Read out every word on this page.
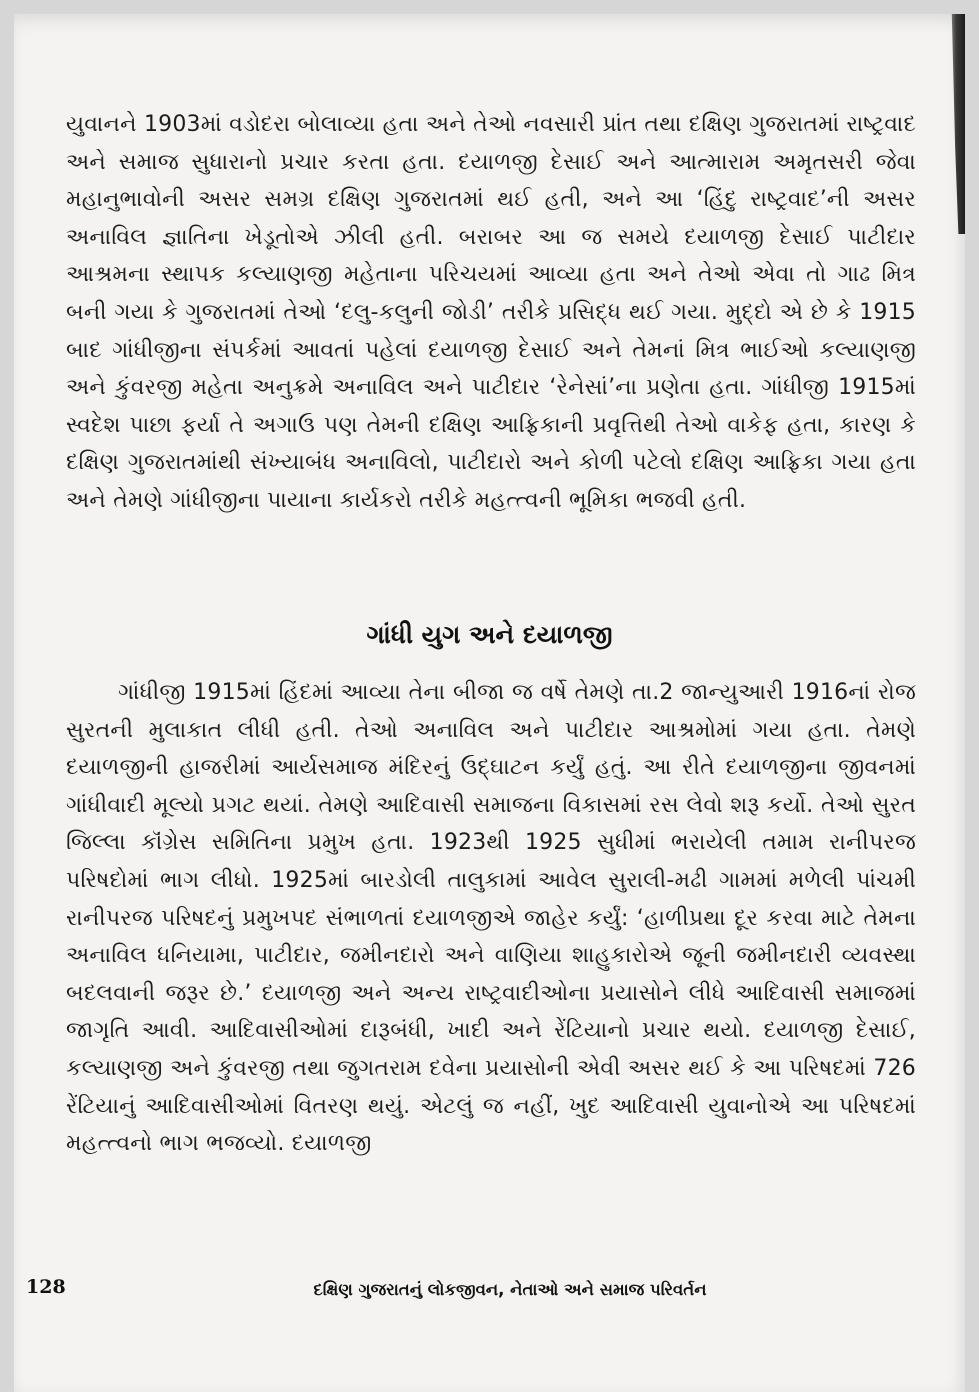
યુવાનને 1903માં વડોદરા બોલાવ્યા હતા અને તેઓ નવસારી પ્રાંત તથા દક્ષિણ ગુજરાતમાં રાષ્ટ્રવાદ અને સમાજ સુધારાનો પ્રચાર કરતા હતા. દયાળજી દેસાઈ અને આત્મારામ અમૃતસરી જેવા મહાનુભાવોની અસર સમગ્ર દક્ષિણ ગુજરાતમાં થઈ હતી, અને આ ‘હિંદુ રાષ્ટ્રવાદ’ની અસર અનાવિલ જ્ઞાતિના ખેડૂતોએ ઝીલી હતી. બરાબર આ જ સમયે દયાળજી દેસાઈ પાટીદાર આશ્રમના સ્થાપક કલ્યાણજી મહેતાના પરિચયમાં આવ્યા હતા અને તેઓ એવા તો ગાઢ મિત્ર બની ગયા કે ગુજરાતમાં તેઓ ‘દલુ-કલુની જોડી’ તરીકે પ્રસિદ્ધ થઈ ગયા. મુદ્દો એ છે કે 1915 બાદ ગાંધીજીના સંપર્કમાં આવતાં પહેલાં દયાળજી દેસાઈ અને તેમનાં મિત્ર ભાઈઓ કલ્યાણજી અને કુંવરજી મહેતા અનુક્રમે અનાવિલ અને પાટીદાર ‘રેનેસાં’ના પ્રણેતા હતા. ગાંધીજી 1915માં સ્વદેશ પાછા ફર્યા તે અગાઉ પણ તેમની દક્ષિણ આફ્રિકાની પ્રવૃત્તિથી તેઓ વાકેફ હતા, કારણ કે દક્ષિણ ગુજરાતમાંથી સંખ્યાબંધ અનાવિલો, પાટીદારો અને કોળી પટેલો દક્ષિણ આફ્રિકા ગયા હતા અને તેમણે ગાંધીજીના પાયાના કાર્યકરો તરીકે મહત્ત્વની ભૂમિકા ભજવી હતી.

ગાંધી યુગ અને દયાળજી

ગાંધીજી 1915માં હિંદમાં આવ્યા તેના બીજા જ વર્ષે તેમણે તા.2 જાન્યુઆરી 1916નાં રોજ સુરતની મુલાકાત લીધી હતી. તેઓ અનાવિલ અને પાટીદાર આશ્રમોમાં ગયા હતા. તેમણે દયાળજીની હાજરીમાં આર્યસમાજ મંદિરનું ઉદ્‌ઘાટન કર્યું હતું. આ રીતે દયાળજીના જીવનમાં ગાંધીવાદી મૂલ્યો પ્રગટ થયાં. તેમણે આદિવાસી સમાજના વિકાસમાં રસ લેવો શરૂ કર્યો. તેઓ સુરત જિલ્લા કૉંગ્રેસ સમિતિના પ્રમુખ હતા. 1923થી 1925 સુધીમાં ભરાયેલી તમામ રાનીપરજ પરિષદોમાં ભાગ લીધો. 1925માં બારડોલી તાલુકામાં આવેલ સુરાલી-મઢી ગામમાં મળેલી પાંચમી રાનીપરજ પરિષદનું પ્રમુખપદ સંભાળતાં દયાળજીએ જાહેર કર્યું: ‘હાળીપ્રથા દૂર કરવા માટે તેમના અનાવિલ ધનિયામા, પાટીદાર, જમીનદારો અને વાણિયા શાહુકારોએ જૂની જમીનદારી વ્યવસ્થા બદલવાની જરૂર છે.’ દયાળજી અને અન્ય રાષ્ટ્રવાદીઓના પ્રયાસોને લીધે આદિવાસી સમાજમાં જાગૃતિ આવી. આદિવાસીઓમાં દારૂબંધી, ખાદી અને રેંટિયાનો પ્રચાર થયો. દયાળજી દેસાઈ, કલ્યાણજી અને કુંવરજી તથા જુગતરામ દવેના પ્રયાસોની એવી અસર થઈ કે આ પરિષદમાં 726 રેંટિયાનું આદિવાસીઓમાં વિતરણ થયું. એટલું જ નહીં, ખુદ આદિવાસી યુવાનોએ આ પરિષદમાં મહત્ત્વનો ભાગ ભજવ્યો. દયાળજી

128	દક્ષિણ ગુજરાતનું લોકજીવન, નેતાઓ અને સમાજ પરિવર્તન
